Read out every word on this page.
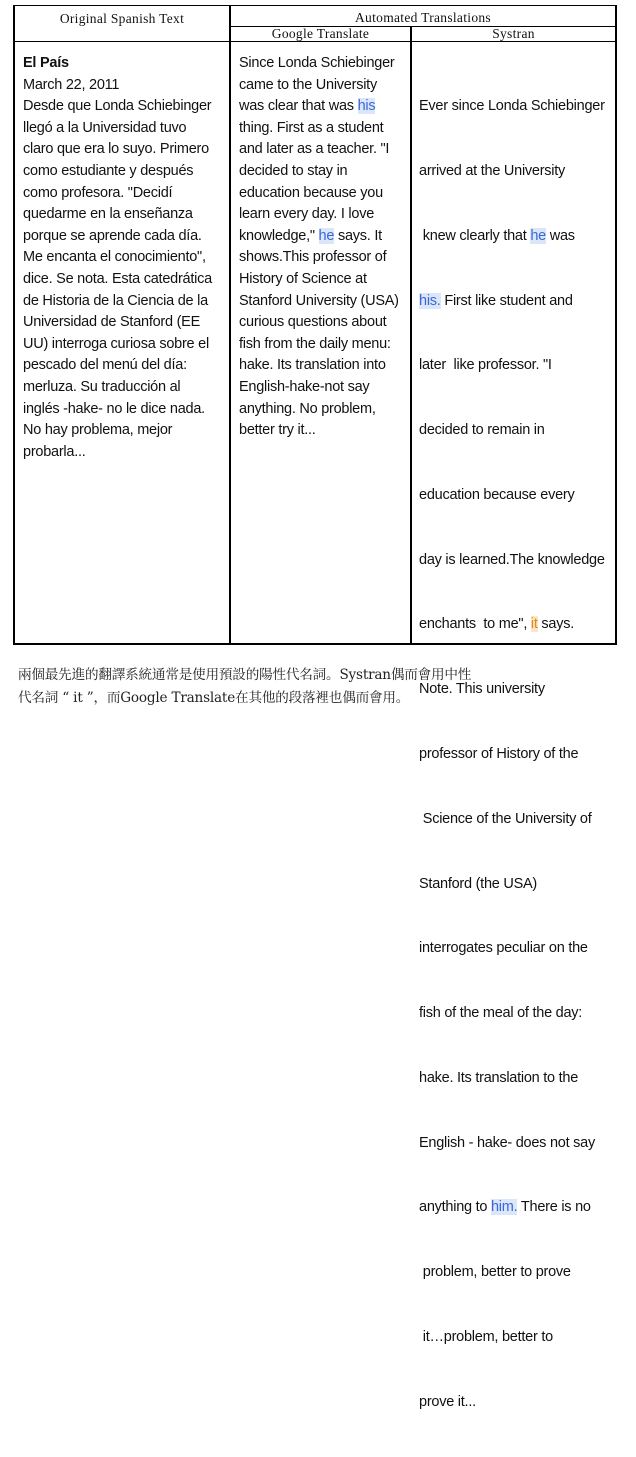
Original Spanish Text	Automated Translations
Google Translate	Systran
El País
March 22, 2011
Desde que Londa Schiebinger
llegó a la Universidad tuvo
claro que era lo suyo. Primero
como estudiante y después
como profesora. "Decidí
quedarme en la enseñanza
porque se aprende cada día.
Me encanta el conocimiento",
dice. Se nota. Esta catedrática
de Historia de la Ciencia de la
Universidad de Stanford (EE
UU) interroga curiosa sobre el
pescado del menú del día:
merluza. Su traducción al
inglés -hake- no le dice nada.
No hay problema, mejor
probarla...
Since Londa Schiebinger
came to the University
was clear that was his
thing. First as a student
and later as a teacher. "I
decided to stay in
education because you
learn every day. I love
knowledge," he says. It
shows.This professor of
History of Science at
Stanford University (USA)
curious questions about
fish from the daily menu:
hake. Its translation into
English-hake-not say
anything. No problem,
better try it...

Ever since Londa Schiebinger

arrived at the University

knew clearly that he was

his. First like student and

later  like professor. "I

decided to remain in

education because every

day is learned.The knowledge

enchants  to me", it says.

Note. This university

professor of History of the

Science of the University of

Stanford (the USA)

interrogates peculiar on the

fish of the meal of the day:

hake. Its translation to the

English - hake- does not say

anything to him. There is no

problem, better to prove

it…problem, better to

prove it...

兩個最先進的翻譯系統通常是使用預設的陽性代名詞。Systran偶而會用中性
代名詞 “ it ”，而Google Translate在其他的段落裡也偶而會用。
